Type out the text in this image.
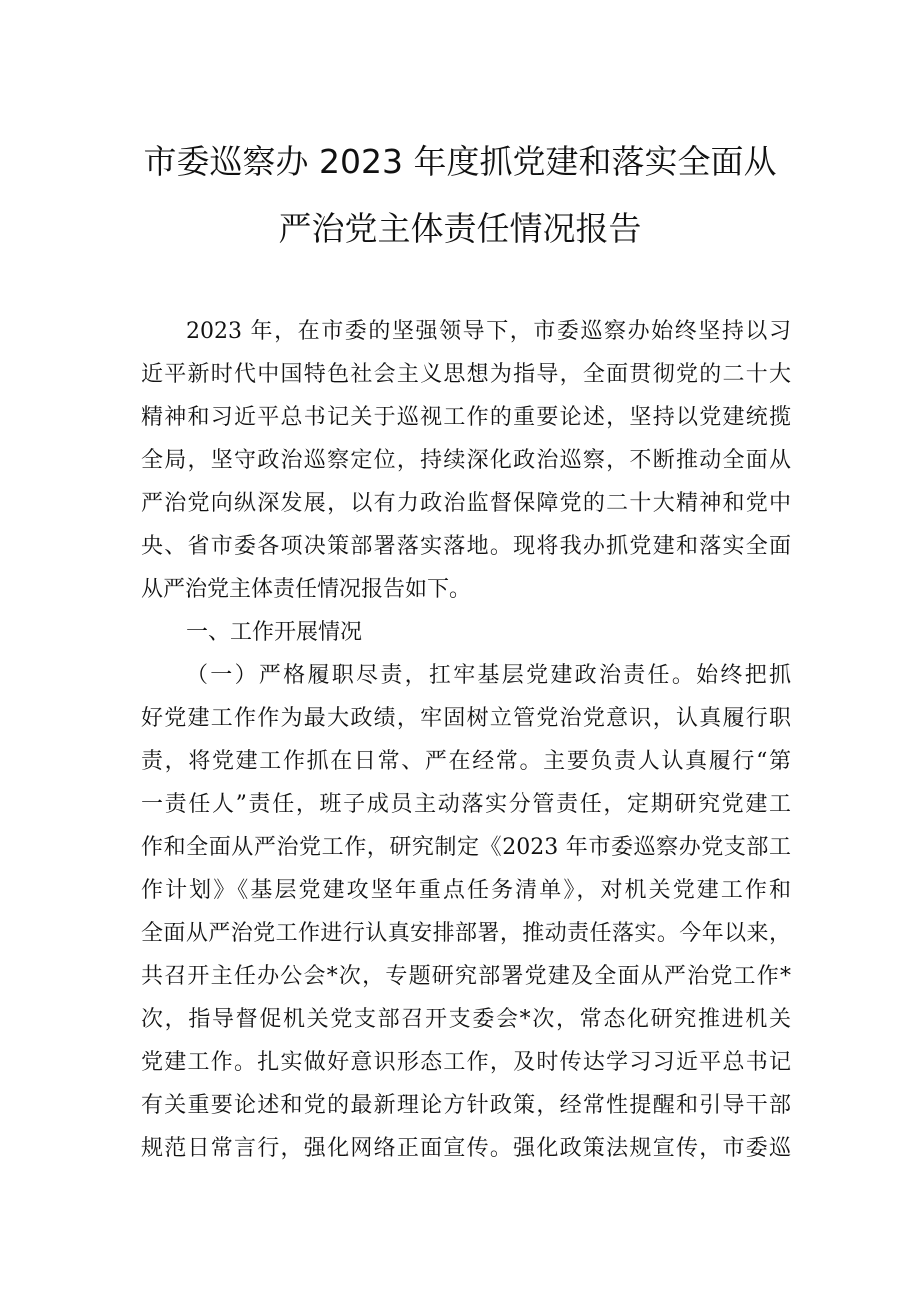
市委巡察办 2023 年度抓党建和落实全面从
严治党主体责任情况报告
2023 年，在市委的坚强领导下，市委巡察办始终坚持以习
近平新时代中国特色社会主义思想为指导，全面贯彻党的二十大
精神和习近平总书记关于巡视工作的重要论述，坚持以党建统揽
全局，坚守政治巡察定位，持续深化政治巡察，不断推动全面从
严治党向纵深发展，以有力政治监督保障党的二十大精神和党中
央、省市委各项决策部署落实落地。现将我办抓党建和落实全面
从严治党主体责任情况报告如下。
一、工作开展情况
（一）严格履职尽责，扛牢基层党建政治责任。始终把抓
好党建工作作为最大政绩，牢固树立管党治党意识，认真履行职
责，将党建工作抓在日常、严在经常。主要负责人认真履行“第
一责任人”责任，班子成员主动落实分管责任，定期研究党建工
作和全面从严治党工作，研究制定《2023 年市委巡察办党支部工
作计划》《基层党建攻坚年重点任务清单》，对机关党建工作和
全面从严治党工作进行认真安排部署，推动责任落实。今年以来，
共召开主任办公会*次，专题研究部署党建及全面从严治党工作*
次，指导督促机关党支部召开支委会*次，常态化研究推进机关
党建工作。扎实做好意识形态工作，及时传达学习习近平总书记
有关重要论述和党的最新理论方针政策，经常性提醒和引导干部
规范日常言行，强化网络正面宣传。强化政策法规宣传，市委巡
